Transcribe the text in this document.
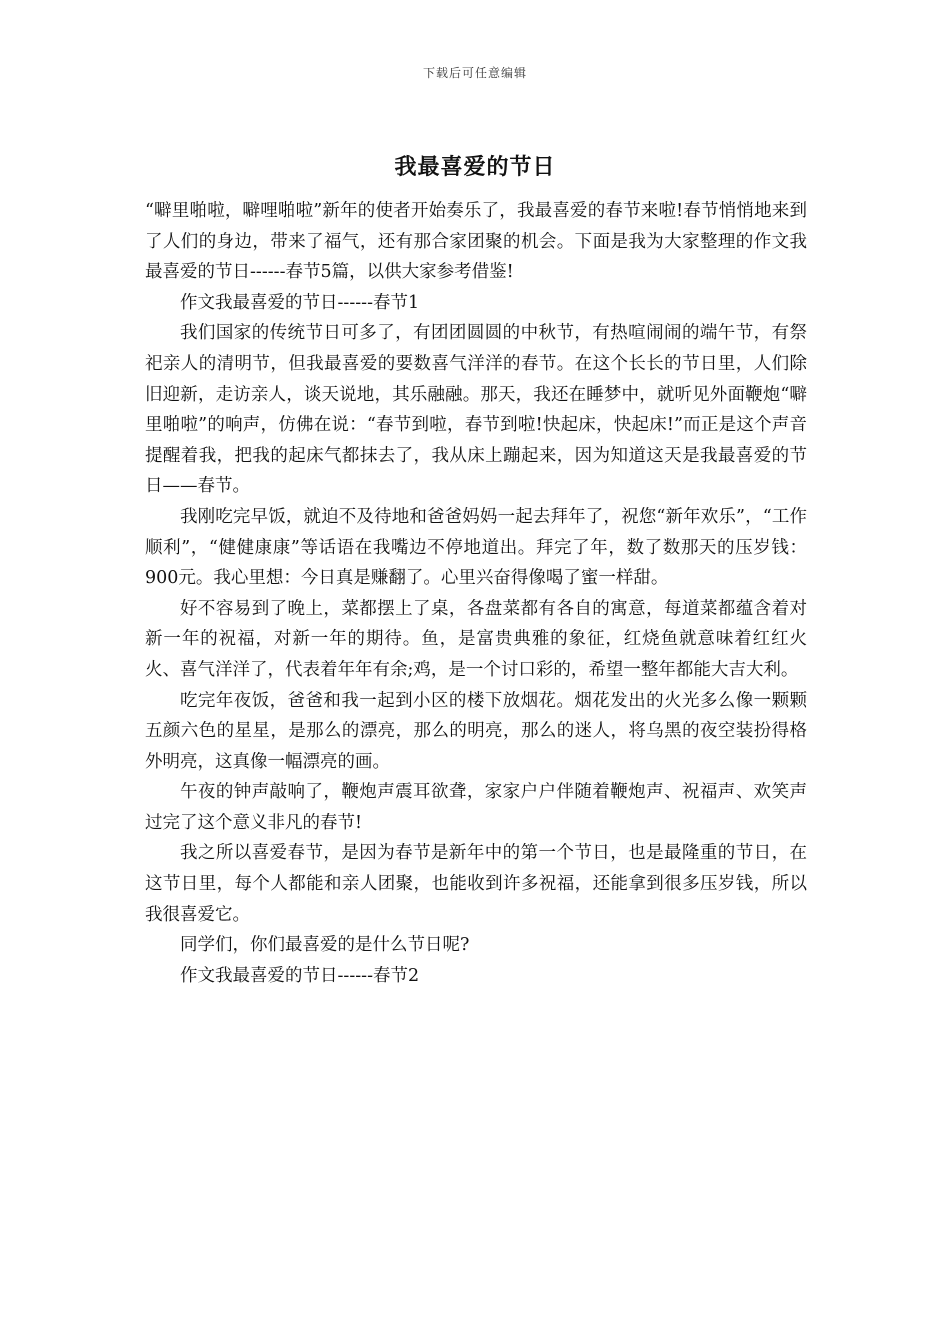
下载后可任意编辑
我最喜爱的节日

“噼里啪啦，噼哩啪啦”新年的使者开始奏乐了，我最喜爱的春节来啦!春节悄悄地来到了人们的身边，带来了福气，还有那合家团聚的机会。下面是我为大家整理的作文我最喜爱的节日------春节5篇，以供大家参考借鉴!

作文我最喜爱的节日------春节1

我们国家的传统节日可多了，有团团圆圆的中秋节，有热喧闹闹的端午节，有祭祀亲人的清明节，但我最喜爱的要数喜气洋洋的春节。在这个长长的节日里，人们除旧迎新，走访亲人，谈天说地，其乐融融。那天，我还在睡梦中，就听见外面鞭炮“噼里啪啦”的响声，仿佛在说：“春节到啦，春节到啦!快起床，快起床!”而正是这个声音提醒着我，把我的起床气都抹去了，我从床上蹦起来，因为知道这天是我最喜爱的节日——春节。

我刚吃完早饭，就迫不及待地和爸爸妈妈一起去拜年了，祝您“新年欢乐”，“工作顺利”，“健健康康”等话语在我嘴边不停地道出。拜完了年，数了数那天的压岁钱：900元。我心里想：今日真是赚翻了。心里兴奋得像喝了蜜一样甜。

好不容易到了晚上，菜都摆上了桌，各盘菜都有各自的寓意，每道菜都蕴含着对新一年的祝福，对新一年的期待。鱼，是富贵典雅的象征，红烧鱼就意味着红红火火、喜气洋洋了，代表着年年有余;鸡，是一个讨口彩的，希望一整年都能大吉大利。

吃完年夜饭，爸爸和我一起到小区的楼下放烟花。烟花发出的火光多么像一颗颗五颜六色的星星，是那么的漂亮，那么的明亮，那么的迷人，将乌黑的夜空装扮得格外明亮，这真像一幅漂亮的画。

午夜的钟声敲响了，鞭炮声震耳欲聋，家家户户伴随着鞭炮声、祝福声、欢笑声过完了这个意义非凡的春节!

我之所以喜爱春节，是因为春节是新年中的第一个节日，也是最隆重的节日，在这节日里，每个人都能和亲人团聚，也能收到许多祝福，还能拿到很多压岁钱，所以我很喜爱它。

同学们，你们最喜爱的是什么节日呢?

作文我最喜爱的节日------春节2
